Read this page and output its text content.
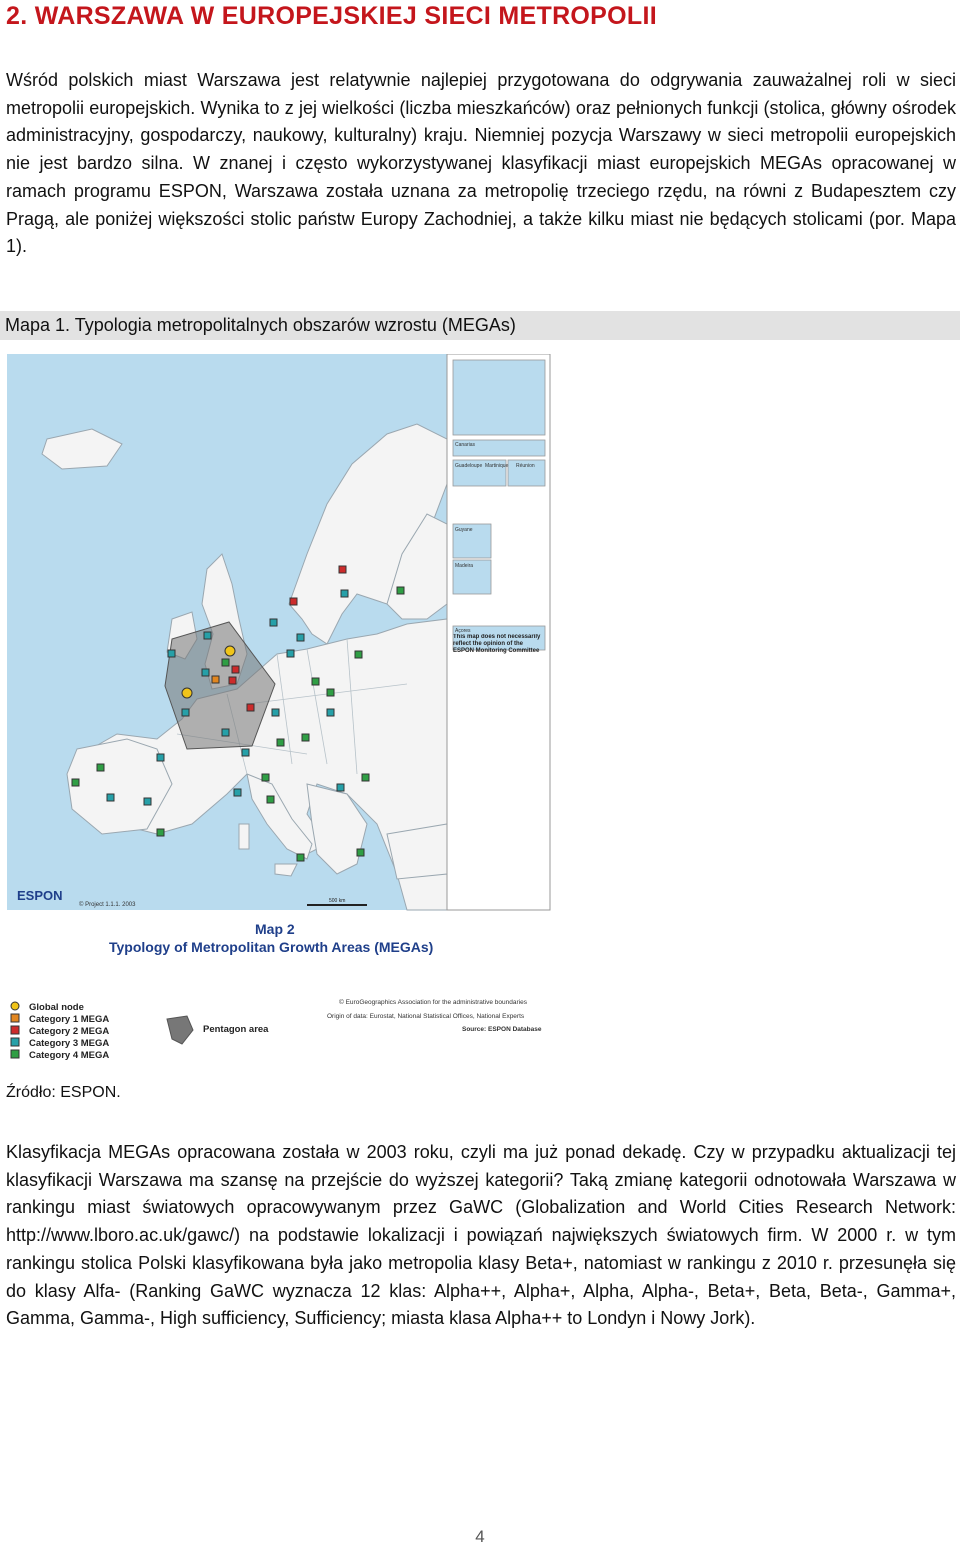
2. WARSZAWA W EUROPEJSKIEJ SIECI METROPOLII
Wśród polskich miast Warszawa jest relatywnie najlepiej przygotowana do odgrywania zauważalnej roli w sieci metropolii europejskich. Wynika to z jej wielkości (liczba mieszkańców) oraz pełnionych funkcji (stolica, główny ośrodek administracyjny, gospodarczy, naukowy, kulturalny) kraju. Niemniej pozycja Warszawy w sieci metropolii europejskich nie jest bardzo silna. W znanej i często wykorzystywanej klasyfikacji miast europejskich MEGAs opracowanej w ramach programu ESPON, Warszawa została uznana za metropolię trzeciego rzędu, na równi z Budapesztem czy Pragą, ale poniżej większości stolic państw Europy Zachodniej, a także kilku miast nie będących stolicami (por. Mapa 1).
Mapa 1. Typologia metropolitalnych obszarów wzrostu (MEGAs)
Canarias
Guadeloupe Martinique Réunion
Guyane
Madeira
Açores
This map does not necessarily reflect the opinion of the ESPON Monitoring Committee
ESPON
© Project 1.1.1. 2003
500 km
Map 2
Typology of Metropolitan Growth Areas (MEGAs)
Global node
Category 1 MEGA
Category 2 MEGA
Category 3 MEGA
Category 4 MEGA
Pentagon area
© EuroGeographics Association for the administrative boundaries
Origin of data: Eurostat, National Statistical Offices, National Experts
Source: ESPON Database
Źródło: ESPON.
Klasyfikacja MEGAs opracowana została w 2003 roku, czyli ma już ponad dekadę. Czy w przypadku aktualizacji tej klasyfikacji Warszawa ma szansę na przejście do wyższej kategorii? Taką zmianę kategorii odnotowała Warszawa w rankingu miast światowych opracowywanym przez GaWC (Globalization and World Cities Research Network: http://www.lboro.ac.uk/gawc/) na podstawie lokalizacji i powiązań największych światowych firm. W 2000 r. w tym rankingu stolica Polski klasyfikowana była jako metropolia klasy Beta+, natomiast w rankingu z 2010 r. przesunęła się do klasy Alfa- (Ranking GaWC wyznacza 12 klas: Alpha++, Alpha+, Alpha, Alpha-, Beta+, Beta, Beta-, Gamma+, Gamma, Gamma-, High sufficiency, Sufficiency; miasta klasa Alpha++ to Londyn i Nowy Jork).
4
